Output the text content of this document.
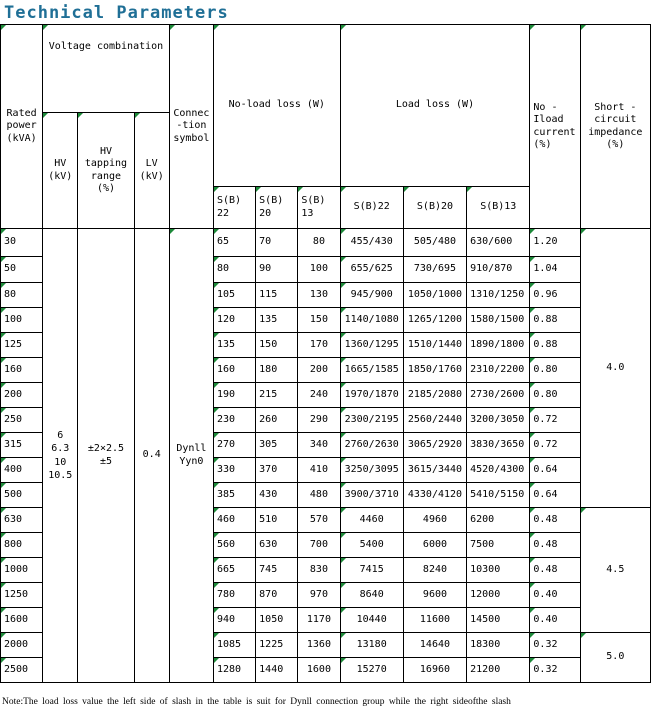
Technical Parameters
Rated power (kVA)	Voltage combination			Connec -tion symbol	No-load loss (W)			Load loss (W)			No -Iload current (%)	Short -circuit impedance (%)
	HV (kV)	HV tapping range (%)	LV (kV)									
					S(B) 22	S(B) 20	S(B) 13	S(B)22	S(B)20	S(B)13		
30	6 6.3 10 10.5	±2×2.5 ±5	0.4	Dynll Yyn0	65	70	80	455/430	505/480	630/600	1.20	4.0
50					80	90	100	655/625	730/695	910/870	1.04	
80					105	115	130	945/900	1050/1000	1310/1250	0.96	
100					120	135	150	1140/1080	1265/1200	1580/1500	0.88	
125					135	150	170	1360/1295	1510/1440	1890/1800	0.88	
160					160	180	200	1665/1585	1850/1760	2310/2200	0.80	
200					190	215	240	1970/1870	2185/2080	2730/2600	0.80	
250					230	260	290	2300/2195	2560/2440	3200/3050	0.72	
315					270	305	340	2760/2630	3065/2920	3830/3650	0.72	
400					330	370	410	3250/3095	3615/3440	4520/4300	0.64	
500					385	430	480	3900/3710	4330/4120	5410/5150	0.64	
630					460	510	570	4460	4960	6200	0.48	4.5
800					560	630	700	5400	6000	7500	0.48	
1000					665	745	830	7415	8240	10300	0.48	
1250					780	870	970	8640	9600	12000	0.40	
1600					940	1050	1170	10440	11600	14500	0.40	
2000					1085	1225	1360	13180	14640	18300	0.32	5.0
2500					1280	1440	1600	15270	16960	21200	0.32	
Note:The load loss value the left side of slash in the table is suit for Dynll connection group while the right sideofthe slash
